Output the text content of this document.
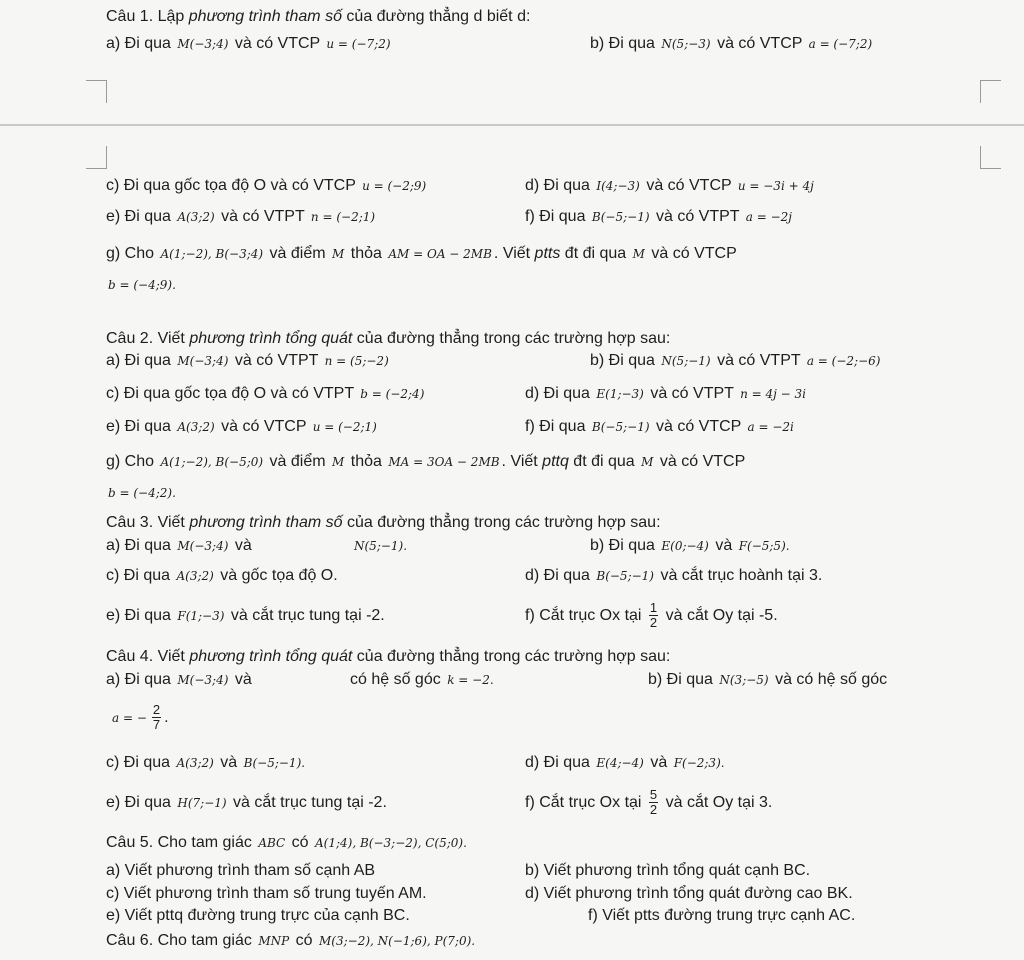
Câu 1. Lập phương trình tham số của đường thẳng d biết d:
a) Đi qua M(−3;4) và có VTCP u = (−7;2)	b) Đi qua N(5;−3) và có VTCP a = (−7;2)
c) Đi qua gốc tọa độ O và có VTCP u = (−2;9)	d) Đi qua I(4;−3) và có VTCP u = −3i + 4j
e) Đi qua A(3;2) và có VTPT n = (−2;1)	f) Đi qua B(−5;−1) và có VTPT a = −2j
g) Cho A(1;−2), B(−3;4) và điểm M thỏa AM = OA − 2MB . Viết ptts đt đi qua M và có VTCP
b = (−4;9).
Câu 2. Viết phương trình tổng quát của đường thẳng trong các trường hợp sau:
a) Đi qua M(−3;4) và có VTPT n = (5;−2)	b) Đi qua N(5;−1) và có VTPT a = (−2;−6)
c) Đi qua gốc tọa độ O và có VTPT b = (−2;4)	d) Đi qua E(1;−3) và có VTPT n = 4j − 3i
e) Đi qua A(3;2) và có VTCP u = (−2;1)	f) Đi qua B(−5;−1) và có VTCP a = −2i
g) Cho A(1;−2), B(−5;0) và điểm M thỏa MA = 3OA − 2MB . Viết pttq đt đi qua M và có VTCP
b = (−4;2).
Câu 3. Viết phương trình tham số của đường thẳng trong các trường hợp sau:
a) Đi qua M(−3;4) và	N(5;−1).	b) Đi qua E(0;−4) và F(−5;5).
c) Đi qua A(3;2) và gốc tọa độ O.	d) Đi qua B(−5;−1) và cắt trục hoành tại 3.
e) Đi qua F(1;−3) và cắt trục tung tại -2.	f) Cắt trục Ox tại $\frac{1}{2}$ và cắt Oy tại -5.
Câu 4. Viết phương trình tổng quát của đường thẳng trong các trường hợp sau:
a) Đi qua M(−3;4) và	có hệ số góc k = −2.	b) Đi qua N(3;−5) và có hệ số góc
a = − $\frac{2}{7}$ .
c) Đi qua A(3;2) và B(−5;−1).	d) Đi qua E(4;−4) và F(−2;3).
e) Đi qua H(7;−1) và cắt trục tung tại -2.	f) Cắt trục Ox tại $\frac{5}{2}$ và cắt Oy tại 3.
Câu 5. Cho tam giác ABC có A(1;4), B(−3;−2), C(5;0).
a) Viết phương trình tham số cạnh AB	b) Viết phương trình tổng quát cạnh BC.
c) Viết phương trình tham số trung tuyến AM.	d) Viết phương trình tổng quát đường cao BK.
e) Viết pttq đường trung trực của cạnh BC.	f) Viết ptts đường trung trực cạnh AC.
Câu 6. Cho tam giác MNP có M(3;−2), N(−1;6), P(7;0).
